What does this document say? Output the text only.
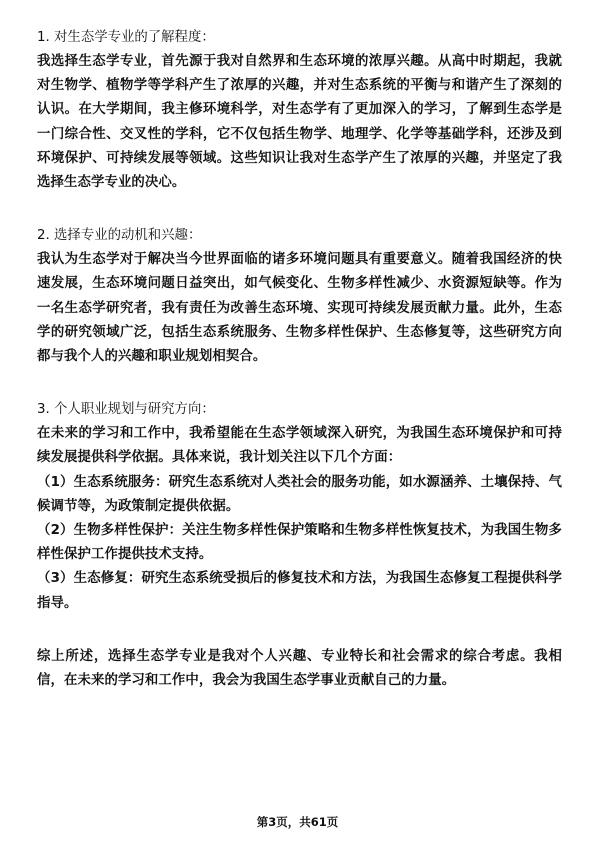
1. 对生态学专业的了解程度：

我选择生态学专业，首先源于我对自然界和生态环境的浓厚兴趣。从高中时期起，我就对生物学、植物学等学科产生了浓厚的兴趣，并对生态系统的平衡与和谐产生了深刻的认识。在大学期间，我主修环境科学，对生态学有了更加深入的学习，了解到生态学是一门综合性、交叉性的学科，它不仅包括生物学、地理学、化学等基础学科，还涉及到环境保护、可持续发展等领域。这些知识让我对生态学产生了浓厚的兴趣，并坚定了我选择生态学专业的决心。

2. 选择专业的动机和兴趣：

我认为生态学对于解决当今世界面临的诸多环境问题具有重要意义。随着我国经济的快速发展，生态环境问题日益突出，如气候变化、生物多样性减少、水资源短缺等。作为一名生态学研究者，我有责任为改善生态环境、实现可持续发展贡献力量。此外，生态学的研究领域广泛，包括生态系统服务、生物多样性保护、生态修复等，这些研究方向都与我个人的兴趣和职业规划相契合。

3. 个人职业规划与研究方向：

在未来的学习和工作中，我希望能在生态学领域深入研究，为我国生态环境保护和可持续发展提供科学依据。具体来说，我计划关注以下几个方面：

（1）生态系统服务：研究生态系统对人类社会的服务功能，如水源涵养、土壤保持、气候调节等，为政策制定提供依据。

（2）生物多样性保护：关注生物多样性保护策略和生物多样性恢复技术，为我国生物多样性保护工作提供技术支持。

（3）生态修复：研究生态系统受损后的修复技术和方法，为我国生态修复工程提供科学指导。

综上所述，选择生态学专业是我对个人兴趣、专业特长和社会需求的综合考虑。我相信，在未来的学习和工作中，我会为我国生态学事业贡献自己的力量。

第3页，共61页
